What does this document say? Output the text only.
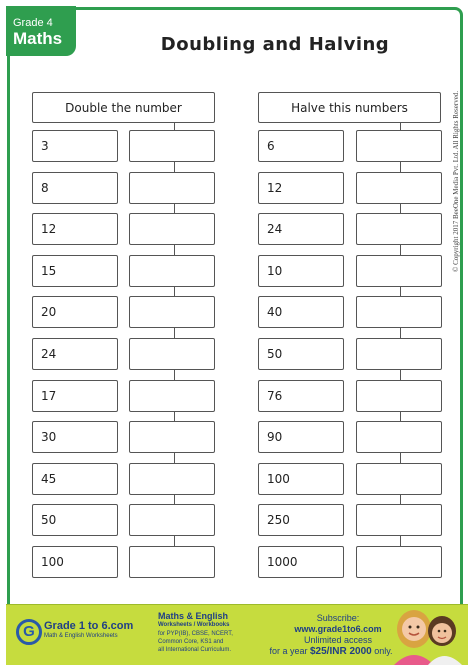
Grade 4
Maths	Doubling and Halving
Double the number	Halve this numbers
3
8
12
15
20
24
17
30
45
50
100
6
12
24
10
40
50
76
90
100
250
1000
© Copyright 2017 BeeOne Media Pvt. Ltd. All Rights Reserved.
G Grade 1 to 6.com
Math & English Worksheets
Maths & English
Worksheets / Workbooks
for PYP(IB), CBSE, NCERT,
Common Core, KS1 and
all International Curriculum.
Subscribe:
www.grade1to6.com
Unlimited access
for a year $25/INR 2000 only.
